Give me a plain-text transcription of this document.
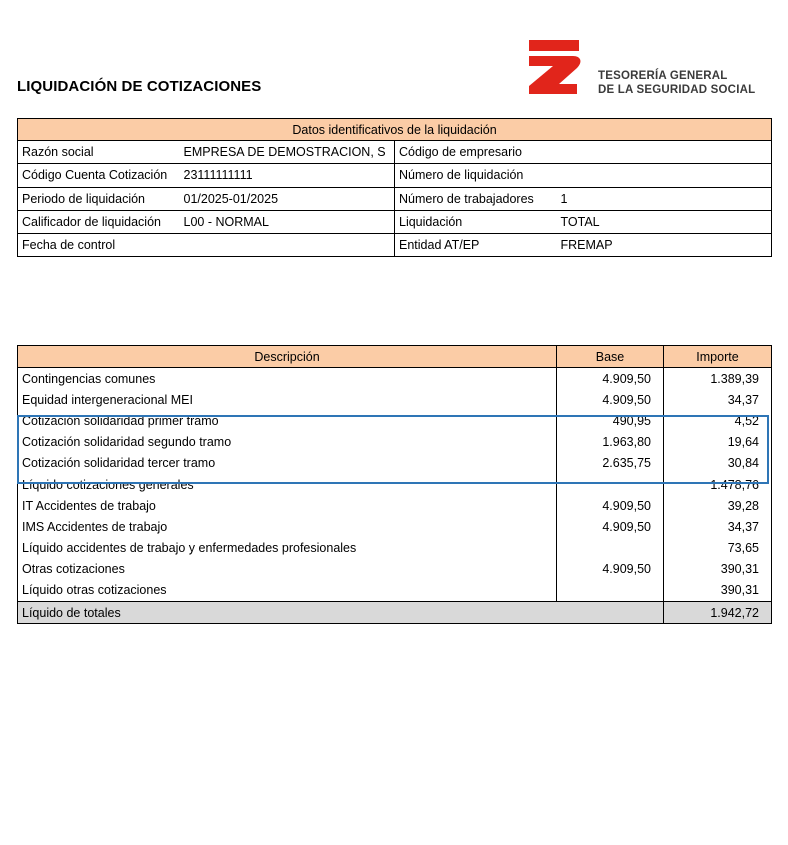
LIQUIDACIÓN DE COTIZACIONES
TESORERÍA GENERAL
DE LA SEGURIDAD SOCIAL
Datos identificativos de la liquidación			
Razón social	EMPRESA DE DEMOSTRACION, S	Código de empresario	
Código Cuenta Cotización	23111111111	Número de liquidación	
Periodo de liquidación	01/2025-01/2025	Número de trabajadores	1
Calificador de liquidación	L00 - NORMAL	Liquidación	TOTAL
Fecha de control		Entidad AT/EP	FREMAP
Descripción	Base	Importe
Contingencias comunes	4.909,50	1.389,39
Equidad intergeneracional MEI	4.909,50	34,37
Cotización solidaridad primer tramo	490,95	4,52
Cotización solidaridad segundo tramo	1.963,80	19,64
Cotización solidaridad tercer tramo	2.635,75	30,84
Líquido cotizaciones generales		1.478,76
IT Accidentes de trabajo	4.909,50	39,28
IMS Accidentes de trabajo	4.909,50	34,37
Líquido accidentes de trabajo y enfermedades profesionales		73,65
Otras cotizaciones	4.909,50	390,31
Líquido otras cotizaciones		390,31
Líquido de totales		1.942,72
